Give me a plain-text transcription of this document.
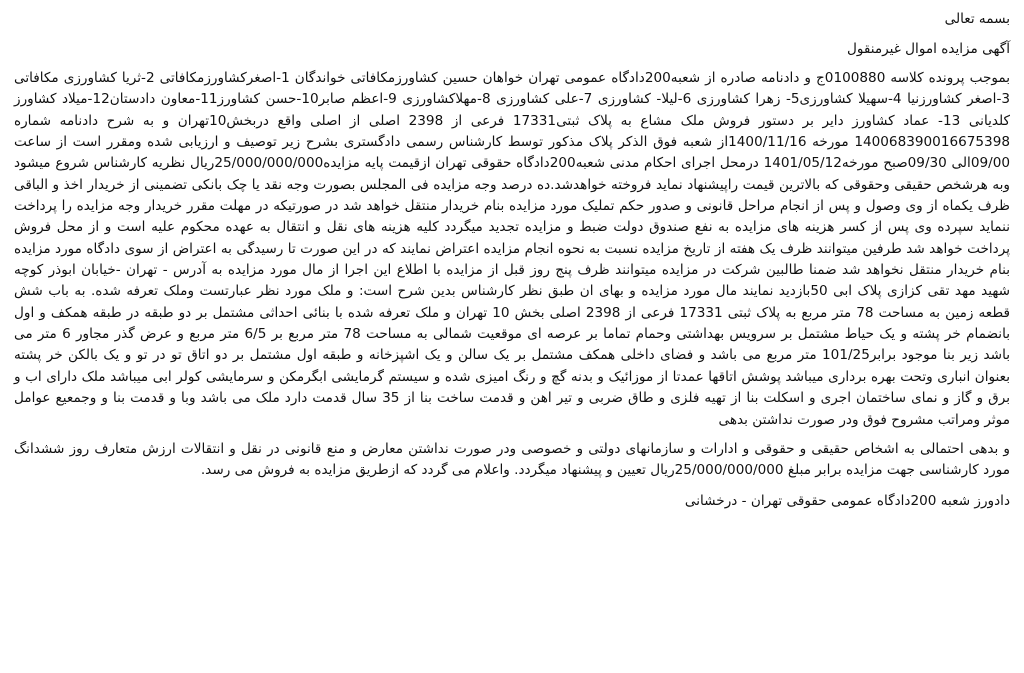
بسمه تعالی
آگهی مزایده اموال غیرمنقول

بموجب پرونده کلاسه 0100880ج و دادنامه صادره از شعبه200دادگاه عمومی تهران خواهان حسین کشاورزمکافاتی خواندگان 1-اصغرکشاورزمکافاتی 2-ثریا کشاورزی مکافاتی 3-اصغر کشاورزنیا 4-سهیلا کشاورزی5- زهرا کشاورزی 6-لیلا- کشاورزی 7-علی کشاورزی 8-مهلاکشاورزی 9-اعظم صابر10-حسن کشاورز11-معاون دادستان12-میلاد کشاورز کلدیانی 13- عماد کشاورز دایر بر دستور فروش ملک مشاع به پلاک ثبتی17331 فرعی از 2398 اصلی از اصلی واقع دربخش10تهران و به شرح دادنامه شماره 140068390016675398 مورخه 1400/11/16از شعبه فوق الذکر پلاک مذکور توسط کارشناس رسمی دادگستری بشرح زیر توصیف و ارزیابی شده ومقرر است از ساعت 09/00الی 09/30صبح مورخه1401/05/12 درمحل اجرای احکام مدنی شعبه200دادگاه حقوقی تهران ازقیمت پایه مزایده25/000/000/000ریال نظریه کارشناس شروع میشود وبه هرشخص حقیقی وحقوقی که بالاترین قیمت راپیشنهاد نماید فروخته خواهدشد.ده درصد وجه مزایده فی المجلس بصورت وجه نقد یا چک بانکی تضمینی از خریدار اخذ و الباقی ظرف یکماه از وی وصول و پس از انجام مراحل قانونی و صدور حکم تملیک مورد مزایده بنام خریدار منتقل خواهد شد در صورتیکه در مهلت مقرر خریدار وجه مزایده را پرداخت ننماید سپرده وی پس از کسر هزینه های مزایده به نفع صندوق دولت ضبط و مزایده تجدید میگردد کلیه هزینه های نقل و انتقال به عهده محکوم علیه است و از محل فروش پرداخت خواهد شد طرفین میتوانند ظرف یک هفته از تاریخ مزایده نسبت به نحوه انجام مزایده اعتراض نمایند که در این صورت تا رسیدگی به اعتراض از سوی دادگاه مورد مزایده بنام خریدار منتقل نخواهد شد ضمنا طالبین شرکت در مزایده میتوانند ظرف پنج روز قبل از مزایده با اطلاع این اجرا از مال مورد مزایده به آدرس - تهران -خیابان ابوذر کوچه شهید مهد تقی کزازی پلاک ابی 50بازدید نمایند مال مورد مزایده و بهای ان طبق نظر کارشناس بدین شرح است: و ملک مورد نظر عبارتست وملک تعرفه شده. به باب شش قطعه زمین به مساحت 78 متر مربع به پلاک ثبتی 17331 فرعی از 2398 اصلی بخش 10 تهران و ملک تعرفه شده با بنائی احداثی مشتمل بر دو طبقه در طبقه همکف و اول بانضمام خر پشته و یک حیاط مشتمل بر سرویس بهداشتی وحمام تماما بر عرصه ای موقعیت شمالی به مساحت 78 متر مربع بر 6/5 متر مربع و عرض گذر مجاور 6 متر می باشد زیر بنا موجود برابر101/25 متر مربع می باشد و فضای داخلی همکف مشتمل بر یک سالن و یک اشپزخانه و طبقه اول مشتمل بر دو اتاق تو در تو و یک بالکن خر پشته بعنوان انباری وتحت بهره برداری میباشد پوشش اتاقها عمدتا از موزائیک و بدنه گچ و رنگ امیزی شده و سیستم گرمایشی ابگرمکن و سرمایشی کولر ابی میباشد ملک دارای اب و برق و گاز و نمای ساختمان اجری و اسکلت بنا از تهیه فلزی و طاق ضربی و تیر اهن و قدمت ساخت بنا از 35 سال قدمت دارد ملک می باشد وبا و قدمت بنا و وجمعیع عوامل موثر ومراتب مشروح فوق ودر صورت نداشتن بدهی

و بدهی احتمالی به اشخاص حقیقی و حقوقی و ادارات و سازمانهای دولتی و خصوصی ودر صورت نداشتن معارض و منع قانونی در نقل و انتقالات ارزش متعارف روز ششدانگ مورد کارشناسی جهت مزایده برابر مبلغ 25/000/000/000ریال تعیین و پیشنهاد میگردد. واعلام می گردد که ازطریق مزایده به فروش می رسد.

دادورز شعبه 200دادگاه عمومی حقوقی تهران - درخشانی
